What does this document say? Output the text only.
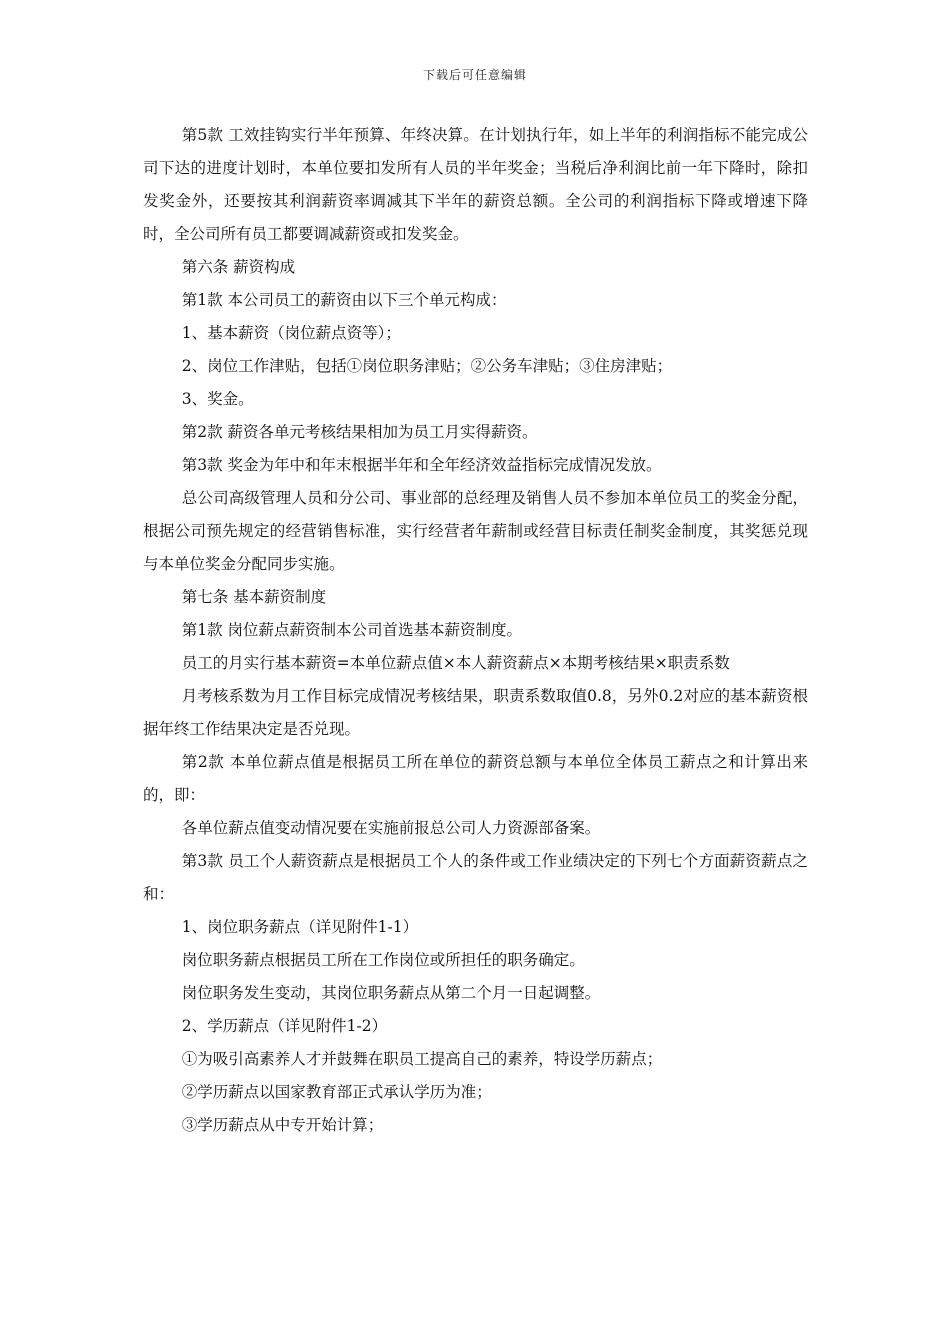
下载后可任意编辑

第5款 工效挂钩实行半年预算、年终决算。在计划执行年，如上半年的利润指标不能完成公司下达的进度计划时，本单位要扣发所有人员的半年奖金；当税后净利润比前一年下降时，除扣发奖金外，还要按其利润薪资率调减其下半年的薪资总额。全公司的利润指标下降或增速下降时，全公司所有员工都要调减薪资或扣发奖金。

第六条 薪资构成

第1款 本公司员工的薪资由以下三个单元构成：

1、基本薪资（岗位薪点资等）；

2、岗位工作津贴，包括①岗位职务津贴；②公务车津贴；③住房津贴；

3、奖金。

第2款 薪资各单元考核结果相加为员工月实得薪资。

第3款 奖金为年中和年末根据半年和全年经济效益指标完成情况发放。

总公司高级管理人员和分公司、事业部的总经理及销售人员不参加本单位员工的奖金分配，根据公司预先规定的经营销售标准，实行经营者年薪制或经营目标责任制奖金制度，其奖惩兑现与本单位奖金分配同步实施。

第七条 基本薪资制度

第1款 岗位薪点薪资制本公司首选基本薪资制度。

员工的月实行基本薪资=本单位薪点值×本人薪资薪点×本期考核结果×职责系数

月考核系数为月工作目标完成情况考核结果，职责系数取值0.8，另外0.2对应的基本薪资根据年终工作结果决定是否兑现。

第2款 本单位薪点值是根据员工所在单位的薪资总额与本单位全体员工薪点之和计算出来的，即：

各单位薪点值变动情况要在实施前报总公司人力资源部备案。

第3款 员工个人薪资薪点是根据员工个人的条件或工作业绩决定的下列七个方面薪资薪点之和：

1、岗位职务薪点（详见附件1-1）

岗位职务薪点根据员工所在工作岗位或所担任的职务确定。

岗位职务发生变动，其岗位职务薪点从第二个月一日起调整。

2、学历薪点（详见附件1-2）

①为吸引高素养人才并鼓舞在职员工提高自己的素养，特设学历薪点；

②学历薪点以国家教育部正式承认学历为准；

③学历薪点从中专开始计算；
